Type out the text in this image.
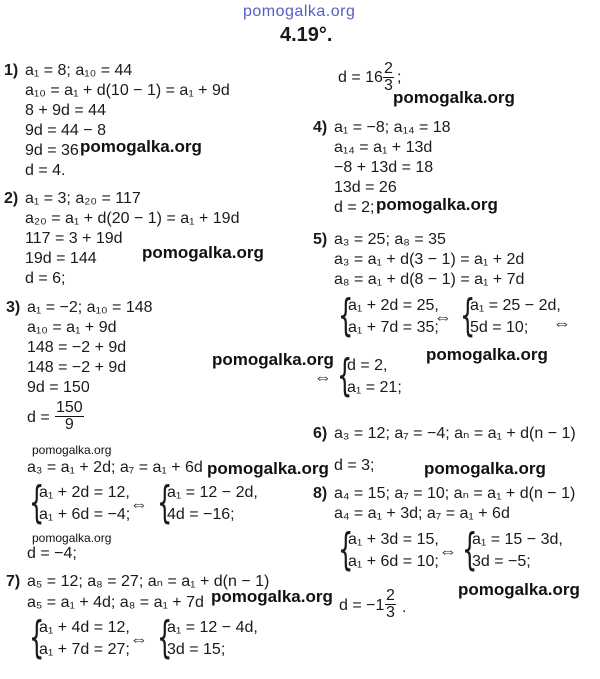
pomogalka.org
4.19°.
1) a₁ = 8; a₁₀ = 44
a₁₀ = a₁ + d(10 − 1) = a₁ + 9d
8 + 9d = 44
9d = 44 − 8
9d = 36
d = 4.
pomogalka.org
2) a₁ = 3; a₂₀ = 117
a₂₀ = a₁ + d(20 − 1) = a₁ + 19d
117 = 3 + 19d
19d = 144
d = 6;
pomogalka.org
3) a₁ = −2; a₁₀ = 148
a₁₀ = a₁ + 9d
148 = −2 + 9d
148 = −2 + 9d
9d = 150
$d = \frac{150}{9}$
pomogalka.org
a₃ = a₁ + 2d; a₇ = a₁ + 6d
{
a₁ + 2d = 12,
a₁ + 6d = −4;
⇔ {
a₁ = 12 − 2d,
4d = −16;
pomogalka.org
d = −4;
pomogalka.org
pomogalka.org
7) a₅ = 12; a₈ = 27; aₙ = a₁ + d(n − 1)
a₅ = a₁ + 4d; a₈ = a₁ + 7d
{
a₁ + 4d = 12,
a₁ + 7d = 27;
⇔ {
a₁ = 12 − 4d,
3d = 15;
pomogalka.org
$d = 16 \frac{2}{3}$ ;
pomogalka.org
4) a₁ = −8; a₁₄ = 18
a₁₄ = a₁ + 13d
−8 + 13d = 18
13d = 26
d = 2; pomogalka.org
5) a₃ = 25; a₈ = 35
a₃ = a₁ + d(3 − 1) = a₁ + 2d
a₈ = a₁ + d(8 − 1) = a₁ + 7d
{
a₁ + 2d = 25,
a₁ + 7d = 35;
⇔ {
a₁ = 25 − 2d,
5d = 10; ⇔
⇔ {
d = 2,
a₁ = 21;
pomogalka.org
6) a₃ = 12; a₇ = −4; aₙ = a₁ + d(n − 1)
d = 3;	pomogalka.org
8) a₄ = 15; a₇ = 10; aₙ = a₁ + d(n − 1)
a₄ = a₁ + 3d; a₇ = a₁ + 6d
{
a₁ + 3d = 15,
a₁ + 6d = 10;
⇔ {
a₁ = 15 − 3d,
3d = −5;
$d = -1 \frac{2}{3}$ .
pomogalka.org
